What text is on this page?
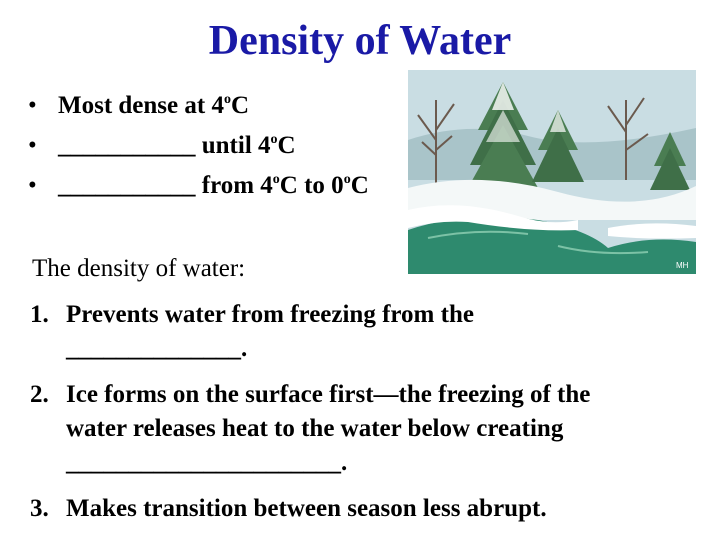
Density of Water
• Most dense at 4$^o$C
• ___________ until 4$^o$C
• ___________ from 4$^o$C to 0$^o$C
MH
The density of water:
1. Prevents water from freezing from the
______________.
2. Ice forms on the surface first—the freezing of the
water releases heat to the water below creating
______________________.
3. Makes transition between season less abrupt.
